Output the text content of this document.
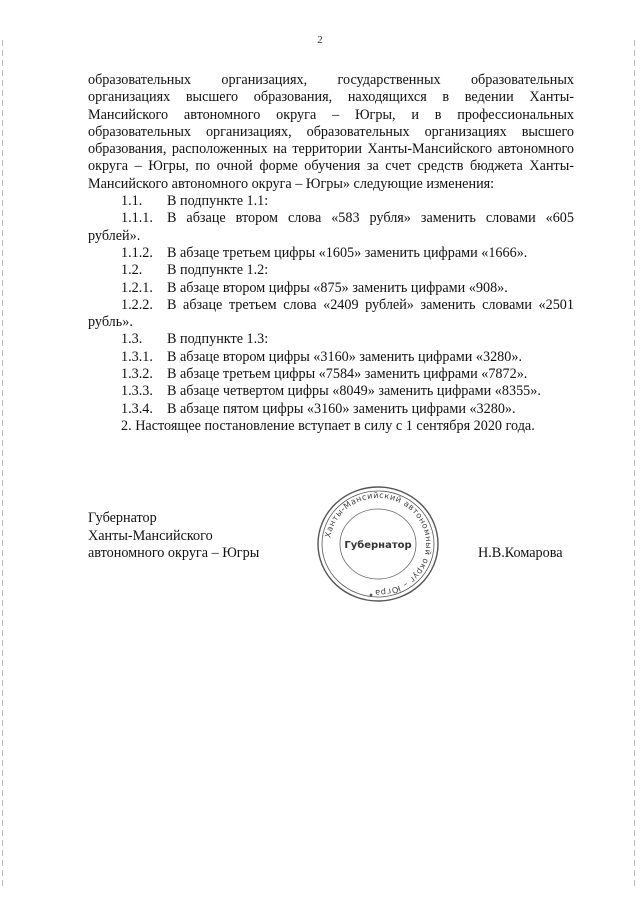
2

образовательных организациях, государственных образовательных организациях высшего образования, находящихся в ведении Ханты- Мансийского автономного округа – Югры, и в профессиональных образовательных организациях, образовательных организациях высшего образования, расположенных на территории Ханты-Мансийского автономного округа – Югры, по очной форме обучения за счет средств бюджета Ханты-Мансийского автономного округа – Югры» следующие изменения:

1.1. В подпункте 1.1:

1.1.1. В абзаце втором слова «583 рубля» заменить словами «605 рублей».

1.1.2. В абзаце третьем цифры «1605» заменить цифрами «1666».

1.2. В подпункте 1.2:

1.2.1. В абзаце втором цифры «875» заменить цифрами «908».

1.2.2. В абзаце третьем слова «2409 рублей» заменить словами «2501 рубль».

1.3. В подпункте 1.3:

1.3.1. В абзаце втором цифры «3160» заменить цифрами «3280».

1.3.2. В абзаце третьем цифры «7584» заменить цифрами «7872».

1.3.3. В абзаце четвертом цифры «8049» заменить цифрами «8355».

1.3.4. В абзаце пятом цифры «3160» заменить цифрами «3280».

2. Настоящее постановление вступает в силу с 1 сентября 2020 года.

Губернатор
Ханты-Мансийского
автономного округа – Югры
Ханты-Мансийский автономный округ – Югра
Губернатор	Н.В.Комарова
